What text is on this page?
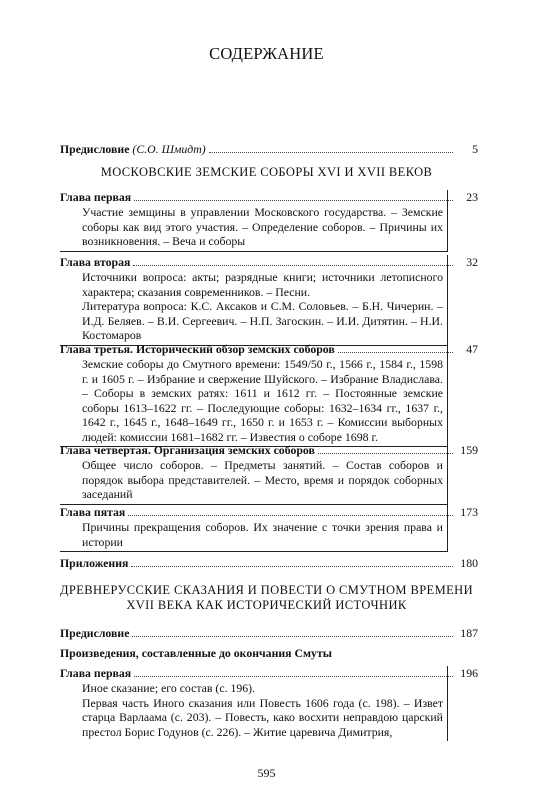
СОДЕРЖАНИЕ
Предисловие (С.О. Шмидт)	5
МОСКОВСКИЕ ЗЕМСКИЕ СОБОРЫ XVI И XVII ВЕКОВ
Глава первая	23

Участие земщины в управлении Московского государства. – Земские соборы как вид этого участия. – Определение соборов. – Причины их возникновения. – Веча и соборы

Глава вторая	32

Источники вопроса: акты; разрядные книги; источники летописного характера; сказания современников. – Песни.

Литература вопроса: К.С. Аксаков и С.М. Соловьев. – Б.Н. Чичерин. – И.Д. Беляев. – В.И. Сергеевич. – Н.П. Загоскин. – И.И. Дитятин. – Н.И. Костомаров

Глава третья. Исторический обзор земских соборов	47

Земские соборы до Смутного времени: 1549/50 г., 1566 г., 1584 г., 1598 г. и 1605 г. – Избрание и свержение Шуйского. – Избрание Владислава. – Соборы в земских ратях: 1611 и 1612 гг. – Постоянные земские соборы 1613–1622 гг. – Последующие соборы: 1632–1634 гг., 1637 г., 1642 г., 1645 г., 1648–1649 гг., 1650 г. и 1653 г. – Комиссии выборных людей: комиссии 1681–1682 гг. – Известия о соборе 1698 г.

Глава четвертая. Организация земских соборов	159

Общее число соборов. – Предметы занятий. – Состав соборов и порядок выбора представителей. – Место, время и порядок соборных заседаний

Глава пятая	173

Причины прекращения соборов. Их значение с точки зрения права и истории

Приложения	180
ДРЕВНЕРУССКИЕ СКАЗАНИЯ И ПОВЕСТИ О СМУТНОМ ВРЕМЕНИ
XVII ВЕКА КАК ИСТОРИЧЕСКИЙ ИСТОЧНИК
Предисловие	187
Произведения, составленные до окончания Смуты
Глава первая	196

Иное сказание; его состав (с. 196).

Первая часть Иного сказания или Повесть 1606 года (с. 198). – Извет старца Варлаама (с. 203). – Повесть, како восхити неправдою царский престол Борис Годунов (с. 226). – Житие царевича Димитрия,

595
